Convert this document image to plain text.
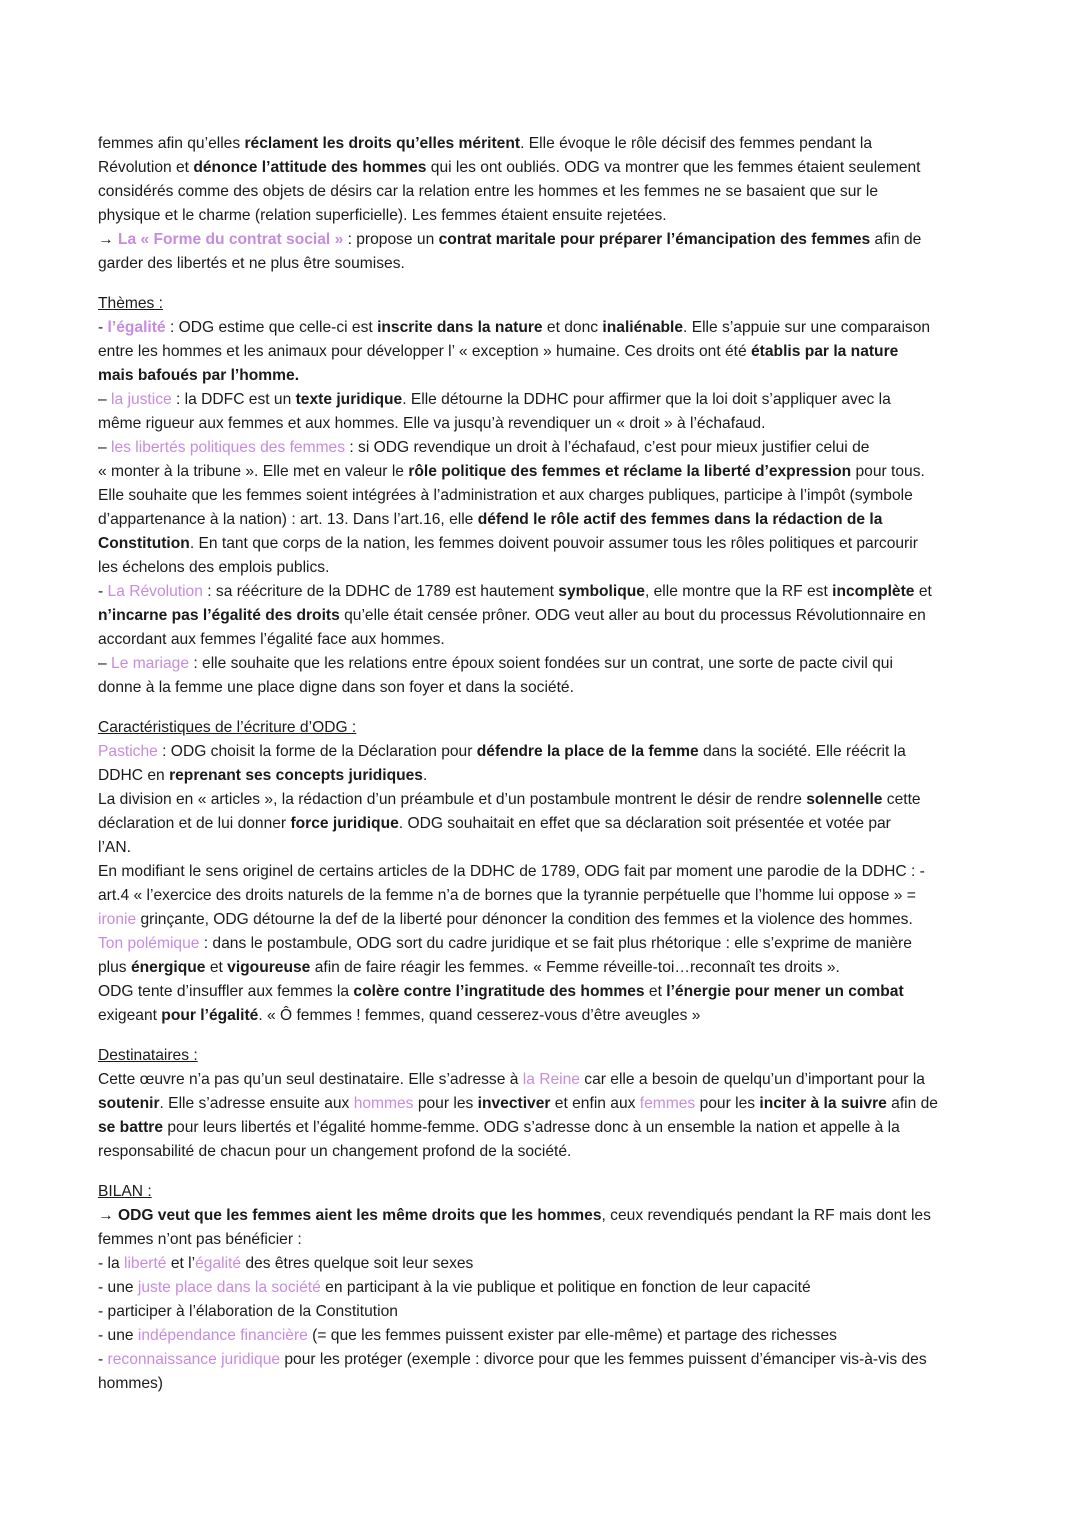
femmes afin qu’elles réclament les droits qu’elles méritent. Elle évoque le rôle décisif des femmes pendant la

Révolution et dénonce l’attitude des hommes qui les ont oubliés. ODG va montrer que les femmes étaient seulement

considérés comme des objets de désirs car la relation entre les hommes et les femmes ne se basaient que sur le

physique et le charme (relation superficielle). Les femmes étaient ensuite rejetées.

→ La « Forme du contrat social » : propose un contrat maritale pour préparer l’émancipation des femmes afin de

garder des libertés et ne plus être soumises.

Thèmes :

- l’égalité : ODG estime que celle-ci est inscrite dans la nature et donc inaliénable. Elle s’appuie sur une comparaison

entre les hommes et les animaux pour développer l’ « exception » humaine. Ces droits ont été établis par la nature

mais bafoués par l’homme.

– la justice : la DDFC est un texte juridique. Elle détourne la DDHC pour affirmer que la loi doit s’appliquer avec la

même rigueur aux femmes et aux hommes. Elle va jusqu’à revendiquer un « droit » à l’échafaud.

– les libertés politiques des femmes : si ODG revendique un droit à l’échafaud, c’est pour mieux justifier celui de

« monter à la tribune ». Elle met en valeur le rôle politique des femmes et réclame la liberté d’expression pour tous.

Elle souhaite que les femmes soient intégrées à l’administration et aux charges publiques, participe à l’impôt (symbole

d’appartenance à la nation) : art. 13. Dans l’art.16, elle défend le rôle actif des femmes dans la rédaction de la

Constitution. En tant que corps de la nation, les femmes doivent pouvoir assumer tous les rôles politiques et parcourir

les échelons des emplois publics.

- La Révolution : sa réécriture de la DDHC de 1789 est hautement symbolique, elle montre que la RF est incomplète et

n’incarne pas l’égalité des droits qu’elle était censée prôner. ODG veut aller au bout du processus Révolutionnaire en

accordant aux femmes l’égalité face aux hommes.

– Le mariage : elle souhaite que les relations entre époux soient fondées sur un contrat, une sorte de pacte civil qui

donne à la femme une place digne dans son foyer et dans la société.

Caractéristiques de l’écriture d’ODG :

Pastiche : ODG choisit la forme de la Déclaration pour défendre la place de la femme dans la société. Elle réécrit la

DDHC en reprenant ses concepts juridiques.

La division en « articles », la rédaction d’un préambule et d’un postambule montrent le désir de rendre solennelle cette

déclaration et de lui donner force juridique. ODG souhaitait en effet que sa déclaration soit présentée et votée par

l’AN.

En modifiant le sens originel de certains articles de la DDHC de 1789, ODG fait par moment une parodie de la DDHC : -

art.4 « l’exercice des droits naturels de la femme n’a de bornes que la tyrannie perpétuelle que l’homme lui oppose » =

ironie grinçante, ODG détourne la def de la liberté pour dénoncer la condition des femmes et la violence des hommes.

Ton polémique : dans le postambule, ODG sort du cadre juridique et se fait plus rhétorique : elle s’exprime de manière

plus énergique et vigoureuse afin de faire réagir les femmes. « Femme réveille-toi…reconnaît tes droits ».

ODG tente d’insuffler aux femmes la colère contre l’ingratitude des hommes et l’énergie pour mener un combat

exigeant pour l’égalité. « Ô femmes ! femmes, quand cesserez-vous d’être aveugles »

Destinataires :

Cette œuvre n’a pas qu’un seul destinataire. Elle s’adresse à la Reine car elle a besoin de quelqu’un d’important pour la

soutenir. Elle s’adresse ensuite aux hommes pour les invectiver et enfin aux femmes pour les inciter à la suivre afin de

se battre pour leurs libertés et l’égalité homme-femme. ODG s’adresse donc à un ensemble la nation et appelle à la

responsabilité de chacun pour un changement profond de la société.

BILAN :

→ ODG veut que les femmes aient les même droits que les hommes, ceux revendiqués pendant la RF mais dont les

femmes n’ont pas bénéficier :

- la liberté et l’égalité des êtres quelque soit leur sexes

- une juste place dans la société en participant à la vie publique et politique en fonction de leur capacité

- participer à l’élaboration de la Constitution

- une indépendance financière (= que les femmes puissent exister par elle-même) et partage des richesses

- reconnaissance juridique pour les protéger (exemple : divorce pour que les femmes puissent d’émanciper vis-à-vis des

hommes)
